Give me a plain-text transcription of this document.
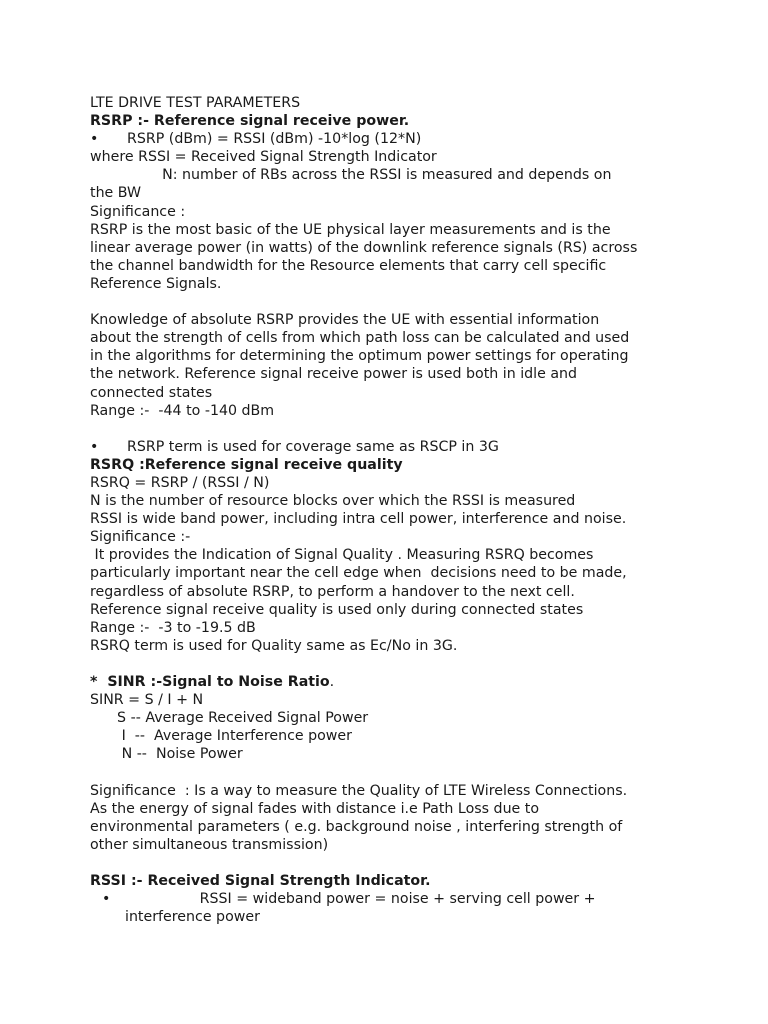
LTE DRIVE TEST PARAMETERS
RSRP :- Reference signal receive power.
• RSRP (dBm) = RSSI (dBm) -10*log (12*N)
where RSSI = Received Signal Strength Indicator
N: number of RBs across the RSSI is measured and depends on
the BW
Significance :
RSRP is the most basic of the UE physical layer measurements and is the
linear average power (in watts) of the downlink reference signals (RS) across
the channel bandwidth for the Resource elements that carry cell specific
Reference Signals.
Knowledge of absolute RSRP provides the UE with essential information
about the strength of cells from which path loss can be calculated and used
in the algorithms for determining the optimum power settings for operating
the network. Reference signal receive power is used both in idle and
connected states
Range :-  -44 to -140 dBm
• RSRP term is used for coverage same as RSCP in 3G
RSRQ :Reference signal receive quality
RSRQ = RSRP / (RSSI / N)
N is the number of resource blocks over which the RSSI is measured
RSSI is wide band power, including intra cell power, interference and noise.
Significance :-
It provides the Indication of Signal Quality . Measuring RSRQ becomes
particularly important near the cell edge when  decisions need to be made,
regardless of absolute RSRP, to perform a handover to the next cell.
Reference signal receive quality is used only during connected states
Range :-  -3 to -19.5 dB
RSRQ term is used for Quality same as Ec/No in 3G.
*  SINR :-Signal to Noise Ratio.
SINR = S / I + N
S -- Average Received Signal Power
I  --  Average Interference power
N --  Noise Power
Significance  : Is a way to measure the Quality of LTE Wireless Connections.
As the energy of signal fades with distance i.e Path Loss due to
environmental parameters ( e.g. background noise , interfering strength of
other simultaneous transmission)
RSSI :- Received Signal Strength Indicator.
•                   RSSI = wideband power = noise + serving cell power +
interference power
